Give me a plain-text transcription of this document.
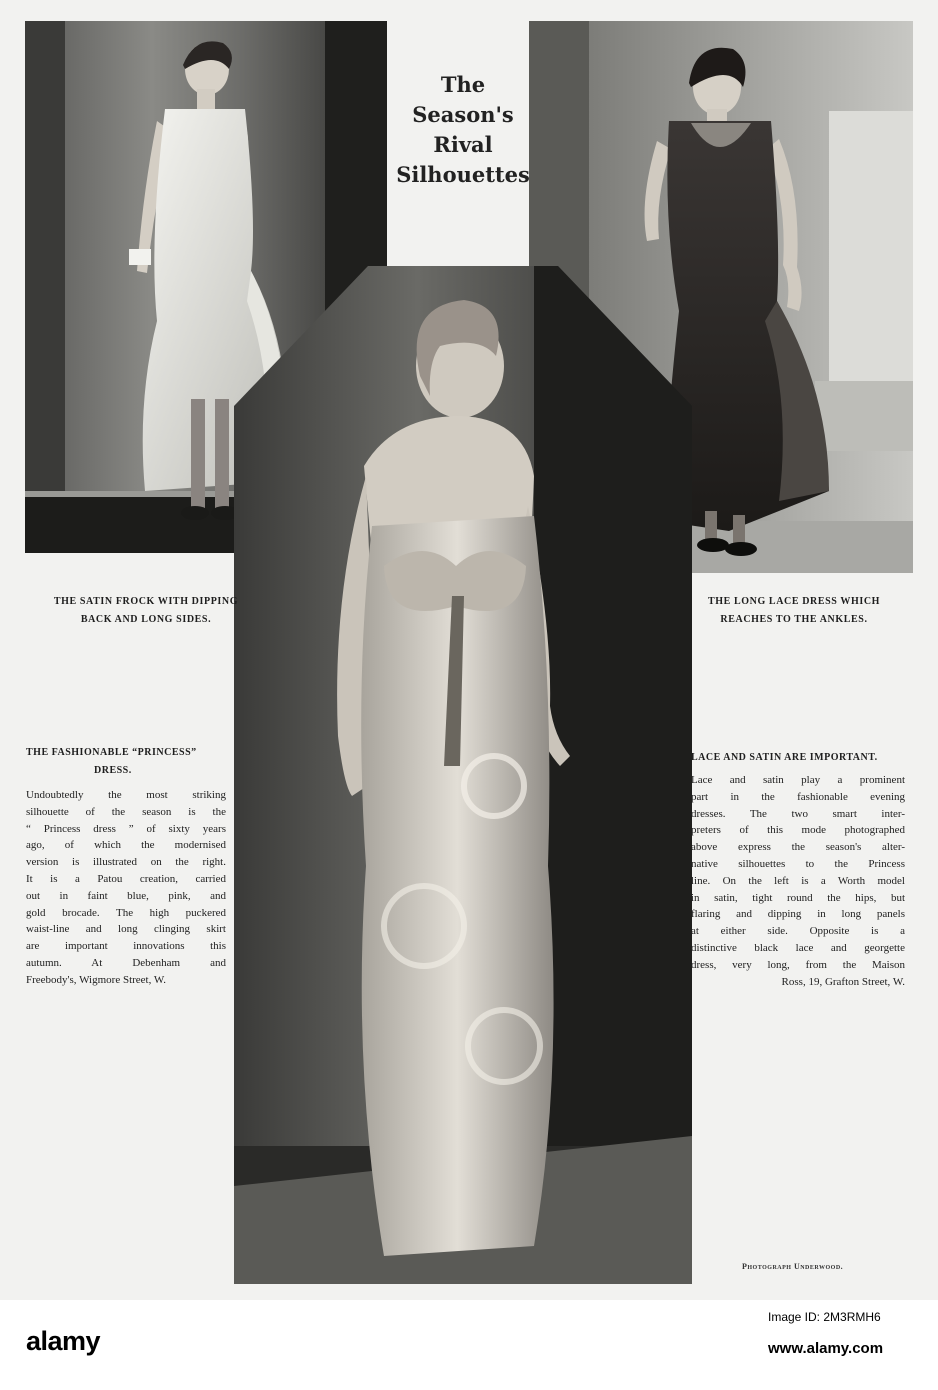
The
Season's
Rival
Silhouettes
THE SATIN FROCK WITH DIPPING
BACK AND LONG SIDES.
THE LONG LACE DRESS WHICH
REACHES TO THE ANKLES.
THE FASHIONABLE “PRINCESS”
DRESS.
Undoubtedly the most striking
silhouette of the season is the
“ Princess dress ” of sixty years
ago, of which the modernised
version is illustrated on the right.
It is a Patou creation, carried
out in faint blue, pink, and
gold brocade. The high puckered
waist-line and long clinging skirt
are important innovations this
autumn. At Debenham and
Freebody's, Wigmore Street, W.
LACE AND SATIN ARE IMPORTANT.
Lace and satin play a prominent
part in the fashionable evening
dresses. The two smart inter-
preters of this mode photographed
above express the season's alter-
native silhouettes to the Princess
line. On the left is a Worth model
in satin, tight round the hips, but
flaring and dipping in long panels
at either side. Opposite is a
distinctive black lace and georgette
dress, very long, from the Maison
Ross, 19, Grafton Street, W.
Photograph Underwood.
alamy
Image ID: 2M3RMH6
www.alamy.com
